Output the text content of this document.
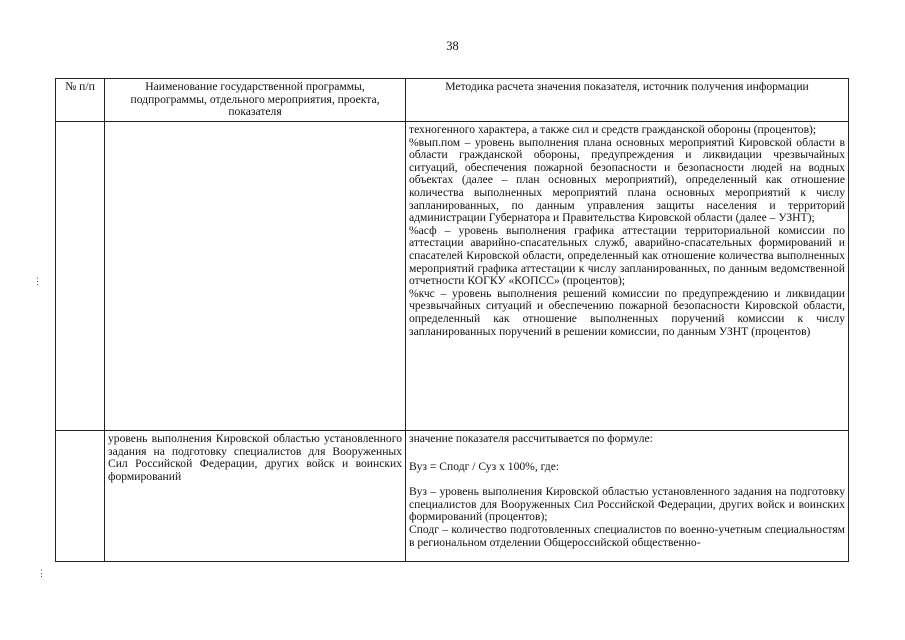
38
№ п/п	Наименование государственной программы, подпрограммы, отдельного мероприятия, проекта, показателя	Методика расчета значения показателя, источник получения информации

		техногенного характера, а также сил и средств гражданской обороны (процентов);

%вып.пом – уровень выполнения плана основных мероприятий Кировской области в области гражданской обороны, предупреждения и ликвидации чрезвычайных ситуаций, обеспечения пожарной безопасности и безопасности людей на водных объектах (далее – план основных мероприятий), определенный как отношение количества выполненных мероприятий плана основных мероприятий к числу запланированных, по данным управления защиты населения и территорий администрации Губернатора и Правительства Кировской области (далее – УЗНТ);

%асф – уровень выполнения графика аттестации территориальной комиссии по аттестации аварийно-спасательных служб, аварийно-спасательных формирований и спасателей Кировской области, определенный как отношение количества выполненных мероприятий графика аттестации к числу запланированных, по данным ведомственной отчетности КОГКУ «КОПСС» (процентов);

%кчс – уровень выполнения решений комиссии по предупреждению и ликвидации чрезвычайных ситуаций и обеспечению пожарной безопасности Кировской области, определенный как отношение выполненных поручений комиссии к числу запланированных поручений в решении комиссии, по данным УЗНТ (процентов)

	уровень выполнения Кировской областью установленного задания на подготовку специалистов для Вооруженных Сил Российской Федерации, других войск и воинских формирований	значение показателя рассчитывается по формуле:

Вуз = Сподг / Суз х 100%, где:

Вуз – уровень выполнения Кировской областью установленного задания на подготовку специалистов для Вооруженных Сил Российской Федерации, других войск и воинских формирований (процентов);

Сподг – количество подготовленных специалистов по военно-учетным специальностям в региональном отделении Общероссийской общественно-

⋮
⋮
